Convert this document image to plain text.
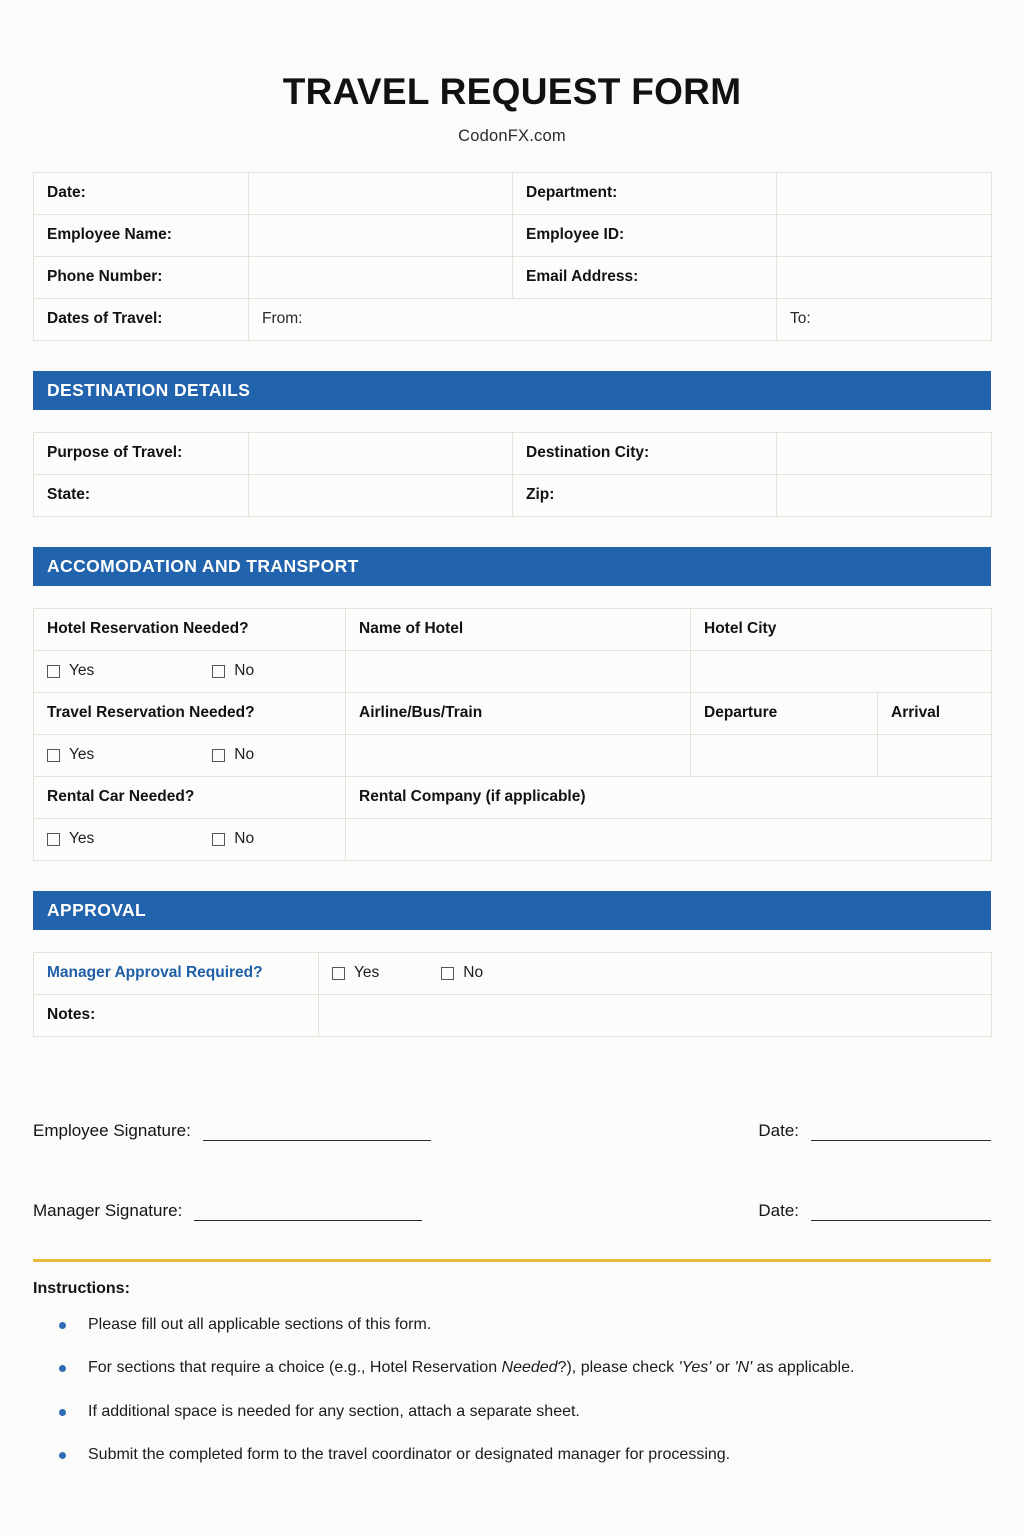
TRAVEL REQUEST FORM
CodonFX.com
Date:		Department:	
Employee Name:		Employee ID:	
Phone Number:		Email Address:	
Dates of Travel:	From:		To:
DESTINATION DETAILS
Purpose of Travel:		Destination City:	
State:		Zip:	
ACCOMODATION AND TRANSPORT
Hotel Reservation Needed?	Name of Hotel	Hotel City	

Yes No			

Travel Reservation Needed?	Airline/Bus/Train	Departure	Arrival

Yes No			

Rental Car Needed?	Rental Company (if applicable)		

Yes No			

APPROVAL
Manager Approval Required?	Yes No

Notes:	
Employee Signature:	Date:
Manager Signature:	Date:
Instructions:
Please fill out all applicable sections of this form.
For sections that require a choice (e.g., Hotel Reservation Needed?), please check 'Yes' or 'N' as applicable.
If additional space is needed for any section, attach a separate sheet.
Submit the completed form to the travel coordinator or designated manager for processing.
